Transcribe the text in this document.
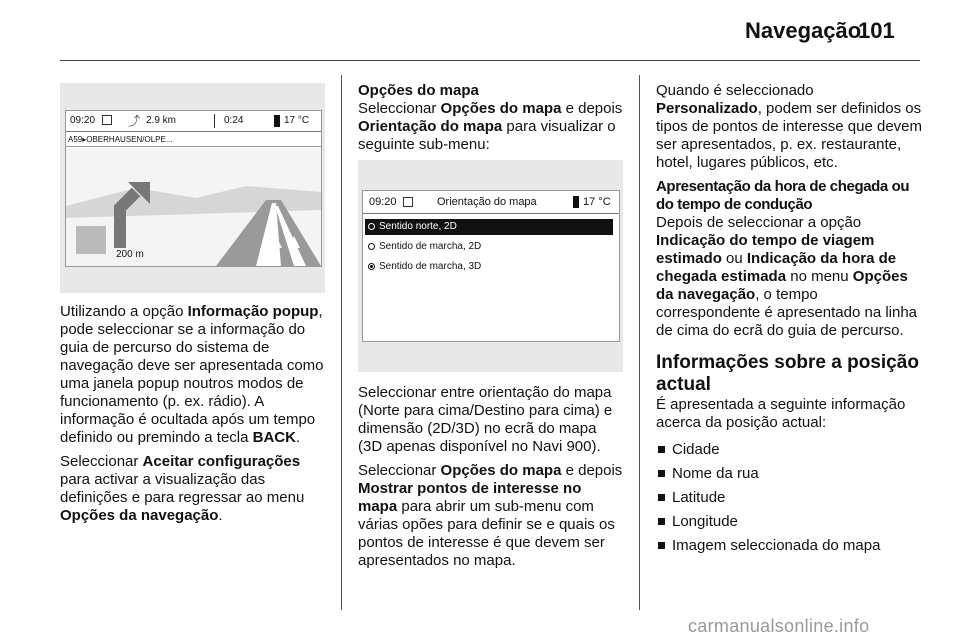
Navegação
101
09:20	⤴ 2.9 km	0:24	17 °C
A59▸OBERHAUSEN/OLPE...
200 m

Utilizando a opção Informação popup, pode seleccionar se a informação do guia de percurso do sistema de navegação deve ser apresentada como uma janela popup noutros modos de funcionamento (p. ex. rádio). A informação é ocultada após um tempo definido ou premindo a tecla BACK.

Seleccionar Aceitar configurações para activar a visualização das definições e para regressar ao menu Opções da navegação.

Opções do mapa

Seleccionar Opções do mapa e depois Orientação do mapa para visualizar o seguinte sub-menu:

09:20	Orientação do mapa	17 °C
Sentido norte, 2D
Sentido de marcha, 2D
Sentido de marcha, 3D

Seleccionar entre orientação do mapa (Norte para cima/Destino para cima) e dimensão (2D/3D) no ecrã do mapa (3D apenas disponível no Navi 900).

Seleccionar Opções do mapa e depois Mostrar pontos de interesse no mapa para abrir um sub-menu com várias opões para definir se e quais os pontos de interesse é que devem ser apresentados no mapa.

Quando é seleccionado Personalizado, podem ser definidos os tipos de pontos de interesse que devem ser apresentados, p. ex. restaurante, hotel, lugares públicos, etc.

Apresentação da hora de chegada ou do tempo de condução

Depois de seleccionar a opção Indicação do tempo de viagem estimado ou Indicação da hora de chegada estimada no menu Opções da navegação, o tempo correspondente é apresentado na linha de cima do ecrã do guia de percurso.

Informações sobre a posição actual

É apresentada a seguinte informação acerca da posição actual:

Cidade
Nome da rua
Latitude
Longitude
Imagem seleccionada do mapa
carmanualsonline.info
